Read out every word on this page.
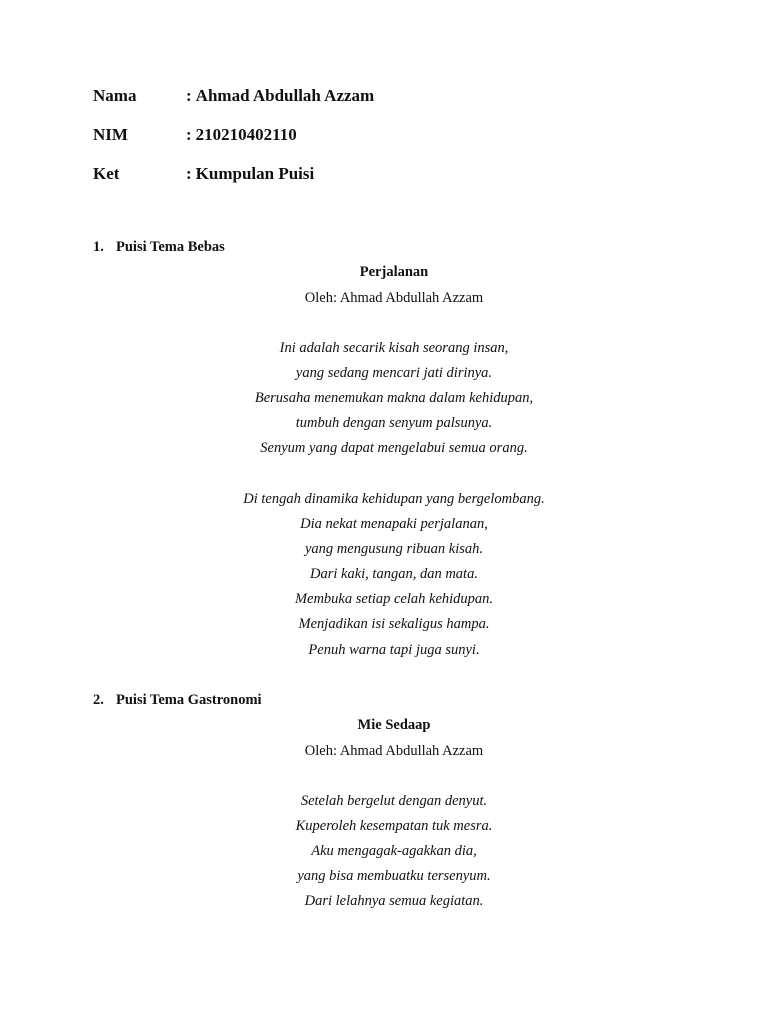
Nama	: Ahmad Abdullah Azzam
NIM	: 210210402110
Ket	: Kumpulan Puisi
1. Puisi Tema Bebas
Perjalanan
Oleh: Ahmad Abdullah Azzam
Ini adalah secarik kisah seorang insan,
yang sedang mencari jati dirinya.
Berusaha menemukan makna dalam kehidupan,
tumbuh dengan senyum palsunya.
Senyum yang dapat mengelabui semua orang.
Di tengah dinamika kehidupan yang bergelombang.
Dia nekat menapaki perjalanan,
yang mengusung ribuan kisah.
Dari kaki, tangan, dan mata.
Membuka setiap celah kehidupan.
Menjadikan isi sekaligus hampa.
Penuh warna tapi juga sunyi.
2. Puisi Tema Gastronomi
Mie Sedaap
Oleh: Ahmad Abdullah Azzam
Setelah bergelut dengan denyut.
Kuperoleh kesempatan tuk mesra.
Aku mengagak-agakkan dia,
yang bisa membuatku tersenyum.
Dari lelahnya semua kegiatan.
